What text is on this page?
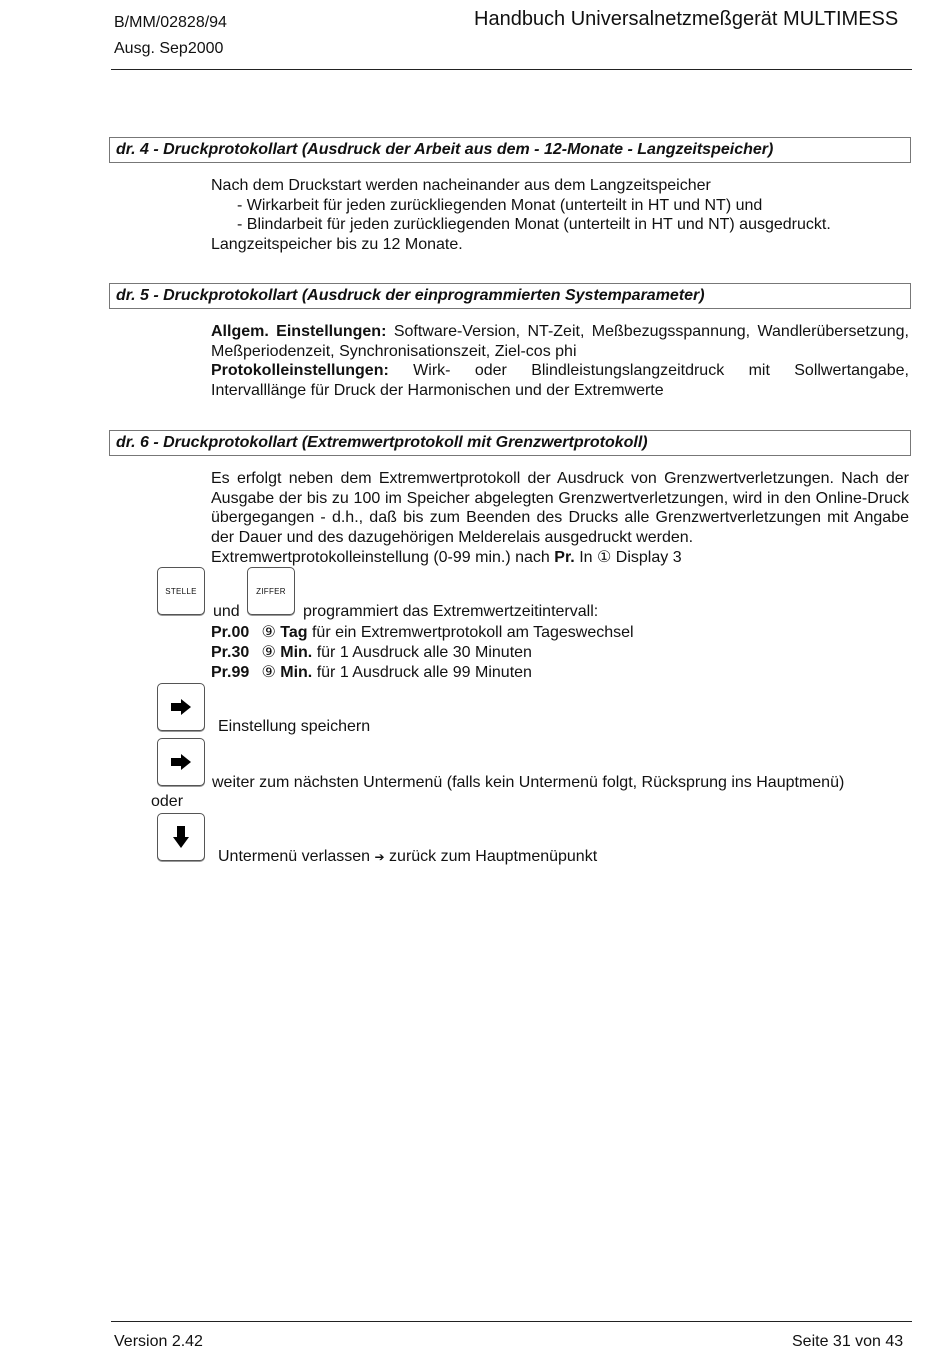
B/MM/02828/94
Ausg. Sep2000
Handbuch Universalnetzmeßgerät MULTIMESS
dr. 4 - Druckprotokollart (Ausdruck der Arbeit aus dem - 12-Monate - Langzeitspeicher)
Nach dem Druckstart werden nacheinander aus dem Langzeitspeicher
- Wirkarbeit für jeden zurückliegenden Monat (unterteilt in HT und NT) und
- Blindarbeit für jeden zurückliegenden Monat (unterteilt in HT und NT) ausgedruckt.
Langzeitspeicher bis zu 12 Monate.
dr. 5 - Druckprotokollart (Ausdruck der einprogrammierten Systemparameter)
Allgem. Einstellungen: Software-Version, NT-Zeit, Meßbezugsspannung, Wandlerübersetzung, Meßperiodenzeit, Synchronisationszeit, Ziel-cos phi
Protokolleinstellungen: Wirk- oder Blindleistungslangzeitdruck mit Sollwertangabe, Intervalllänge für Druck der Harmonischen und der Extremwerte
dr. 6 - Druckprotokollart (Extremwertprotokoll mit Grenzwertprotokoll)
Es erfolgt neben dem Extremwertprotokoll der Ausdruck von Grenzwertverletzungen. Nach der Ausgabe der bis zu 100 im Speicher abgelegten Grenzwertverletzungen, wird in den Online-Druck übergegangen - d.h., daß bis zum Beenden des Drucks alle Grenzwertverletzungen mit Angabe der Dauer und des dazugehörigen Melderelais ausgedruckt werden.
Extremwertprotokolleinstellung (0-99 min.) nach Pr. In ① Display 3
STELLE	ZIFFER
und	programmiert das Extremwertzeitintervall:
Pr.00 ⑨ Tag für ein Extremwertprotokoll am Tageswechsel
Pr.30 ⑨ Min. für 1 Ausdruck alle 30 Minuten
Pr.99 ⑨ Min. für 1 Ausdruck alle 99 Minuten
Einstellung speichern
weiter zum nächsten Untermenü (falls kein Untermenü folgt, Rücksprung ins Hauptmenü)
oder
Untermenü verlassen ➔ zurück zum Hauptmenüpunkt
Version 2.42	Seite 31 von 43
